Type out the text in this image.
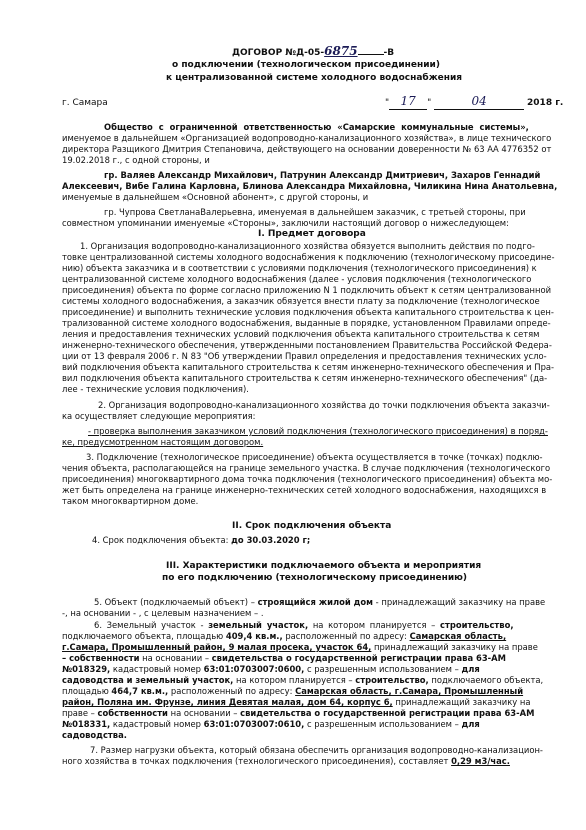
ДОГОВОР №Д-05-6875	-В
о подключении (технологическом присоединении)
к централизованной системе холодного водоснабжения
г. Самара	" 17 "	04	2018 г.
Общество с ограниченной ответственностью «Самарские коммунальные системы»,
именуемое в дальнейшем «Организацией водопроводно-канализационного хозяйства», в лице технического
директора Разщикого Дмитрия Степановича, действующего на основании доверенности № 63 АА 4776352 от
19.02.2018 г., с одной стороны, и
гр. Валяев Александр Михайлович, Патрунин Александр Дмитриевич, Захаров Геннадий
Алексеевич, Вибе Галина Карловна, Блинова Александра Михайловна, Чиликина Нина Анатольевна,
именуемые в дальнейшем «Основной абонент», с другой стороны, и
гр. Чупрова СветланаВалерьевна, именуемая в дальнейшем заказчик, с третьей стороны, при
совместном упоминании именуемые «Стороны», заключили настоящий договор о нижеследующем:
I. Предмет договора
1. Организация водопроводно-канализационного хозяйства обязуется выполнить действия по подго-
товке централизованной системы холодного водоснабжения к подключению (технологическому присоедине-
нию) объекта заказчика и в соответствии с условиями подключения (технологического присоединения) к
централизованной системе холодного водоснабжения (далее - условия подключения (технологического
присоединения) объекта по форме согласно приложению N 1 подключить объект к сетям централизованной
системы холодного водоснабжения, а заказчик обязуется внести плату за подключение (технологическое
присоединение) и выполнить технические условия подключения объекта капитального строительства к цен-
трализованной системе холодного водоснабжения, выданные в порядке, установленном Правилами опреде-
ления и предоставления технических условий подключения объекта капитального строительства к сетям
инженерно-технического обеспечения, утвержденными постановлением Правительства Российской Федера-
ции от 13 февраля 2006 г. N 83 "Об утверждении Правил определения и предоставления технических усло-
вий подключения объекта капитального строительства к сетям инженерно-технического обеспечения и Пра-
вил подключения объекта капитального строительства к сетям инженерно-технического обеспечения" (да-
лее - технические условия подключения).
2. Организация водопроводно-канализационного хозяйства до точки подключения объекта заказчи-
ка осуществляет следующие мероприятия:
- проверка выполнения заказчиком условий подключения (технологического присоединения) в поряд-
ке, предусмотренном настоящим договором.
3. Подключение (технологическое присоединение) объекта осуществляется в точке (точках) подклю-
чения объекта, располагающейся на границе земельного участка. В случае подключения (технологического
присоединения) многоквартирного дома точка подключения (технологического присоединения) объекта мо-
жет быть определена на границе инженерно-технических сетей холодного водоснабжения, находящихся в
таком многоквартирном доме.
II. Срок подключения объекта
4. Срок подключения объекта: до 30.03.2020 г;
III. Характеристики подключаемого объекта и мероприятия
по его подключению (технологическому присоединению)
5. Объект (подключаемый объект) – строящийся жилой дом - принадлежащий заказчику на праве
-, на основании - , с целевым назначением – .
6. Земельный участок - земельный участок, на котором планируется – строительство,
подключаемого объекта, площадью 409,4 кв.м., расположенный по адресу: Самарская область,
г.Самара, Промышленный район, 9 малая просека, участок 64, принадлежащий заказчику на праве
– собственности на основании – свидетельства о государственной регистрации права 63-АМ
№018329, кадастровый номер 63:01:0703007:0600, с разрешенным использованием – для
садоводства и земельный участок, на котором планируется – строительство, подключаемого объекта,
площадью 464,7 кв.м., расположенный по адресу: Самарская область, г.Самара, Промышленный
район, Поляна им. Фрунзе, линия Девятая малая, дом 64, корпус 6, принадлежащий заказчику на
праве – собственности на основании – свидетельства о государственной регистрации права 63-АМ
№018331, кадастровый номер 63:01:0703007:0610, с разрешенным использованием – для
садоводства.
7. Размер нагрузки объекта, который обязана обеспечить организация водопроводно-канализацион-
ного хозяйства в точках подключения (технологического присоединения), составляет 0,29 м3/час.
